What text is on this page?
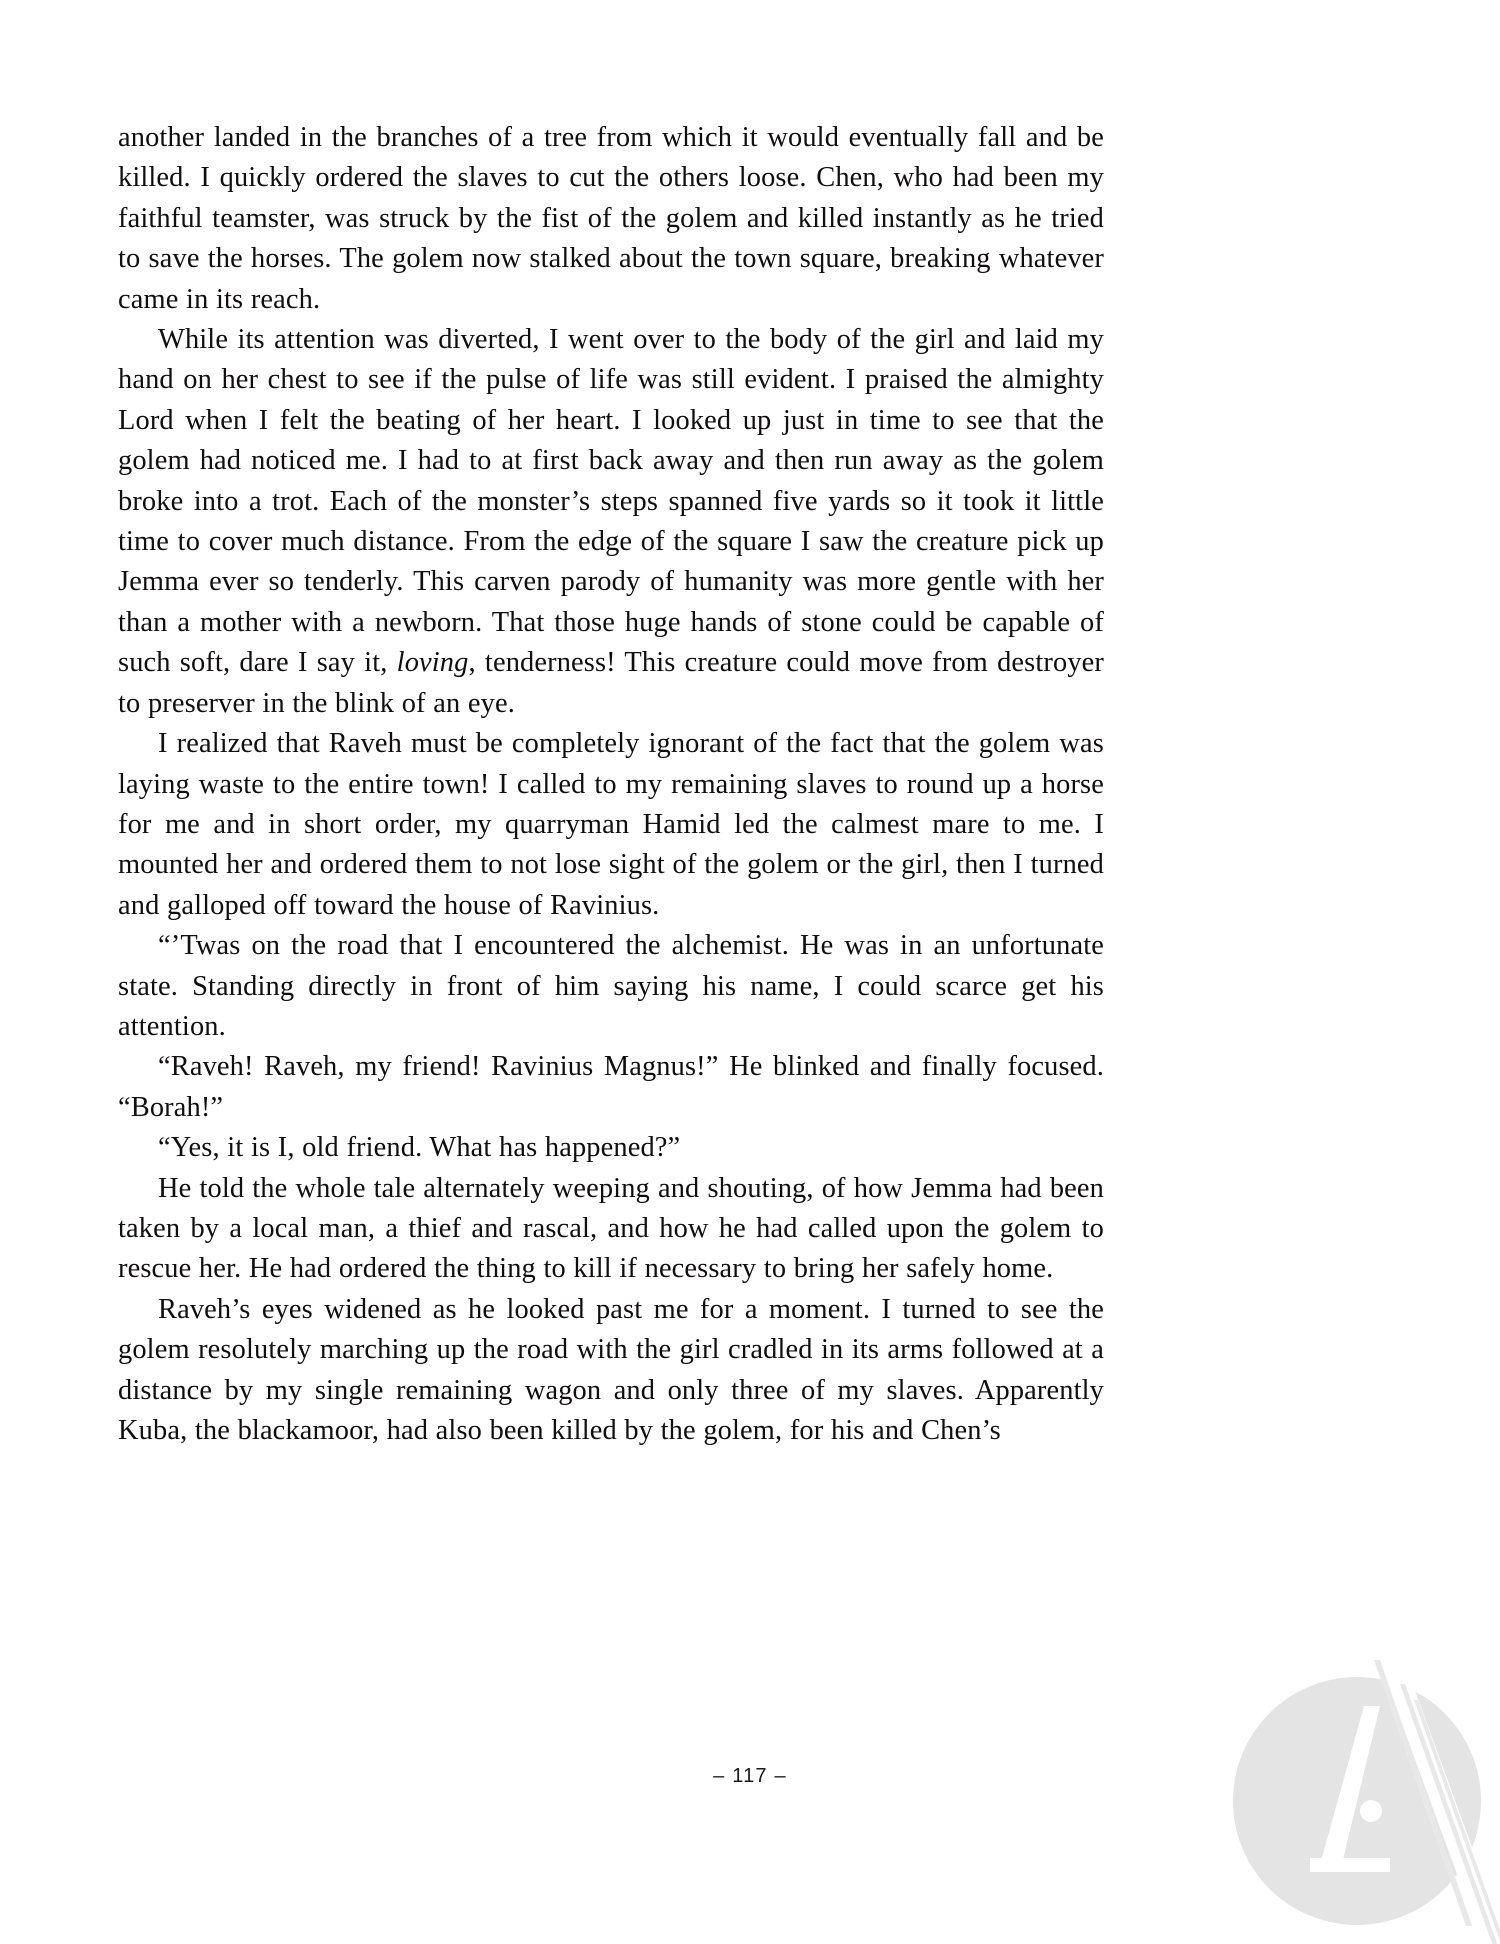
another landed in the branches of a tree from which it would eventually fall and be killed. I quickly ordered the slaves to cut the others loose. Chen, who had been my faithful teamster, was struck by the fist of the golem and killed instantly as he tried to save the horses. The golem now stalked about the town square, breaking whatever came in its reach.

While its attention was diverted, I went over to the body of the girl and laid my hand on her chest to see if the pulse of life was still evident. I praised the almighty Lord when I felt the beating of her heart. I looked up just in time to see that the golem had noticed me. I had to at first back away and then run away as the golem broke into a trot. Each of the monster’s steps spanned five yards so it took it little time to cover much distance. From the edge of the square I saw the creature pick up Jemma ever so tenderly. This carven parody of humanity was more gentle with her than a mother with a newborn. That those huge hands of stone could be capable of such soft, dare I say it, loving, tenderness! This creature could move from destroyer to preserver in the blink of an eye.

I realized that Raveh must be completely ignorant of the fact that the golem was laying waste to the entire town! I called to my remaining slaves to round up a horse for me and in short order, my quarryman Hamid led the calmest mare to me. I mounted her and ordered them to not lose sight of the golem or the girl, then I turned and galloped off toward the house of Ravinius.

“’Twas on the road that I encountered the alchemist. He was in an unfortunate state. Standing directly in front of him saying his name, I could scarce get his attention.

“Raveh! Raveh, my friend! Ravinius Magnus!” He blinked and finally focused. “Borah!”

“Yes, it is I, old friend. What has happened?”

He told the whole tale alternately weeping and shouting, of how Jemma had been taken by a local man, a thief and rascal, and how he had called upon the golem to rescue her. He had ordered the thing to kill if necessary to bring her safely home.

Raveh’s eyes widened as he looked past me for a moment. I turned to see the golem resolutely marching up the road with the girl cradled in its arms followed at a distance by my single remaining wagon and only three of my slaves. Apparently Kuba, the blackamoor, had also been killed by the golem, for his and Chen’s

– 117 –
